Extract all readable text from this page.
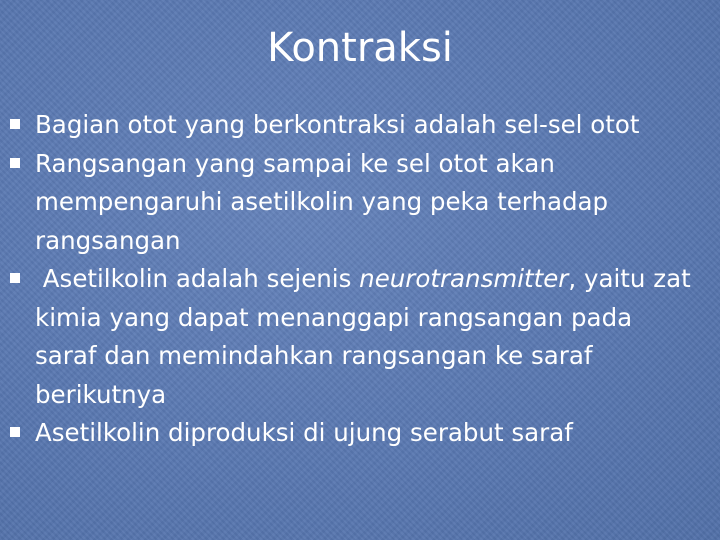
Kontraksi
Bagian otot yang berkontraksi adalah sel-sel otot
Rangsangan yang sampai ke sel otot akan mempengaruhi asetilkolin yang peka terhadap rangsangan
Asetilkolin adalah sejenis neurotransmitter, yaitu zat kimia yang dapat menanggapi rangsangan pada saraf dan memindahkan rangsangan ke saraf berikutnya
Asetilkolin diproduksi di ujung serabut saraf
